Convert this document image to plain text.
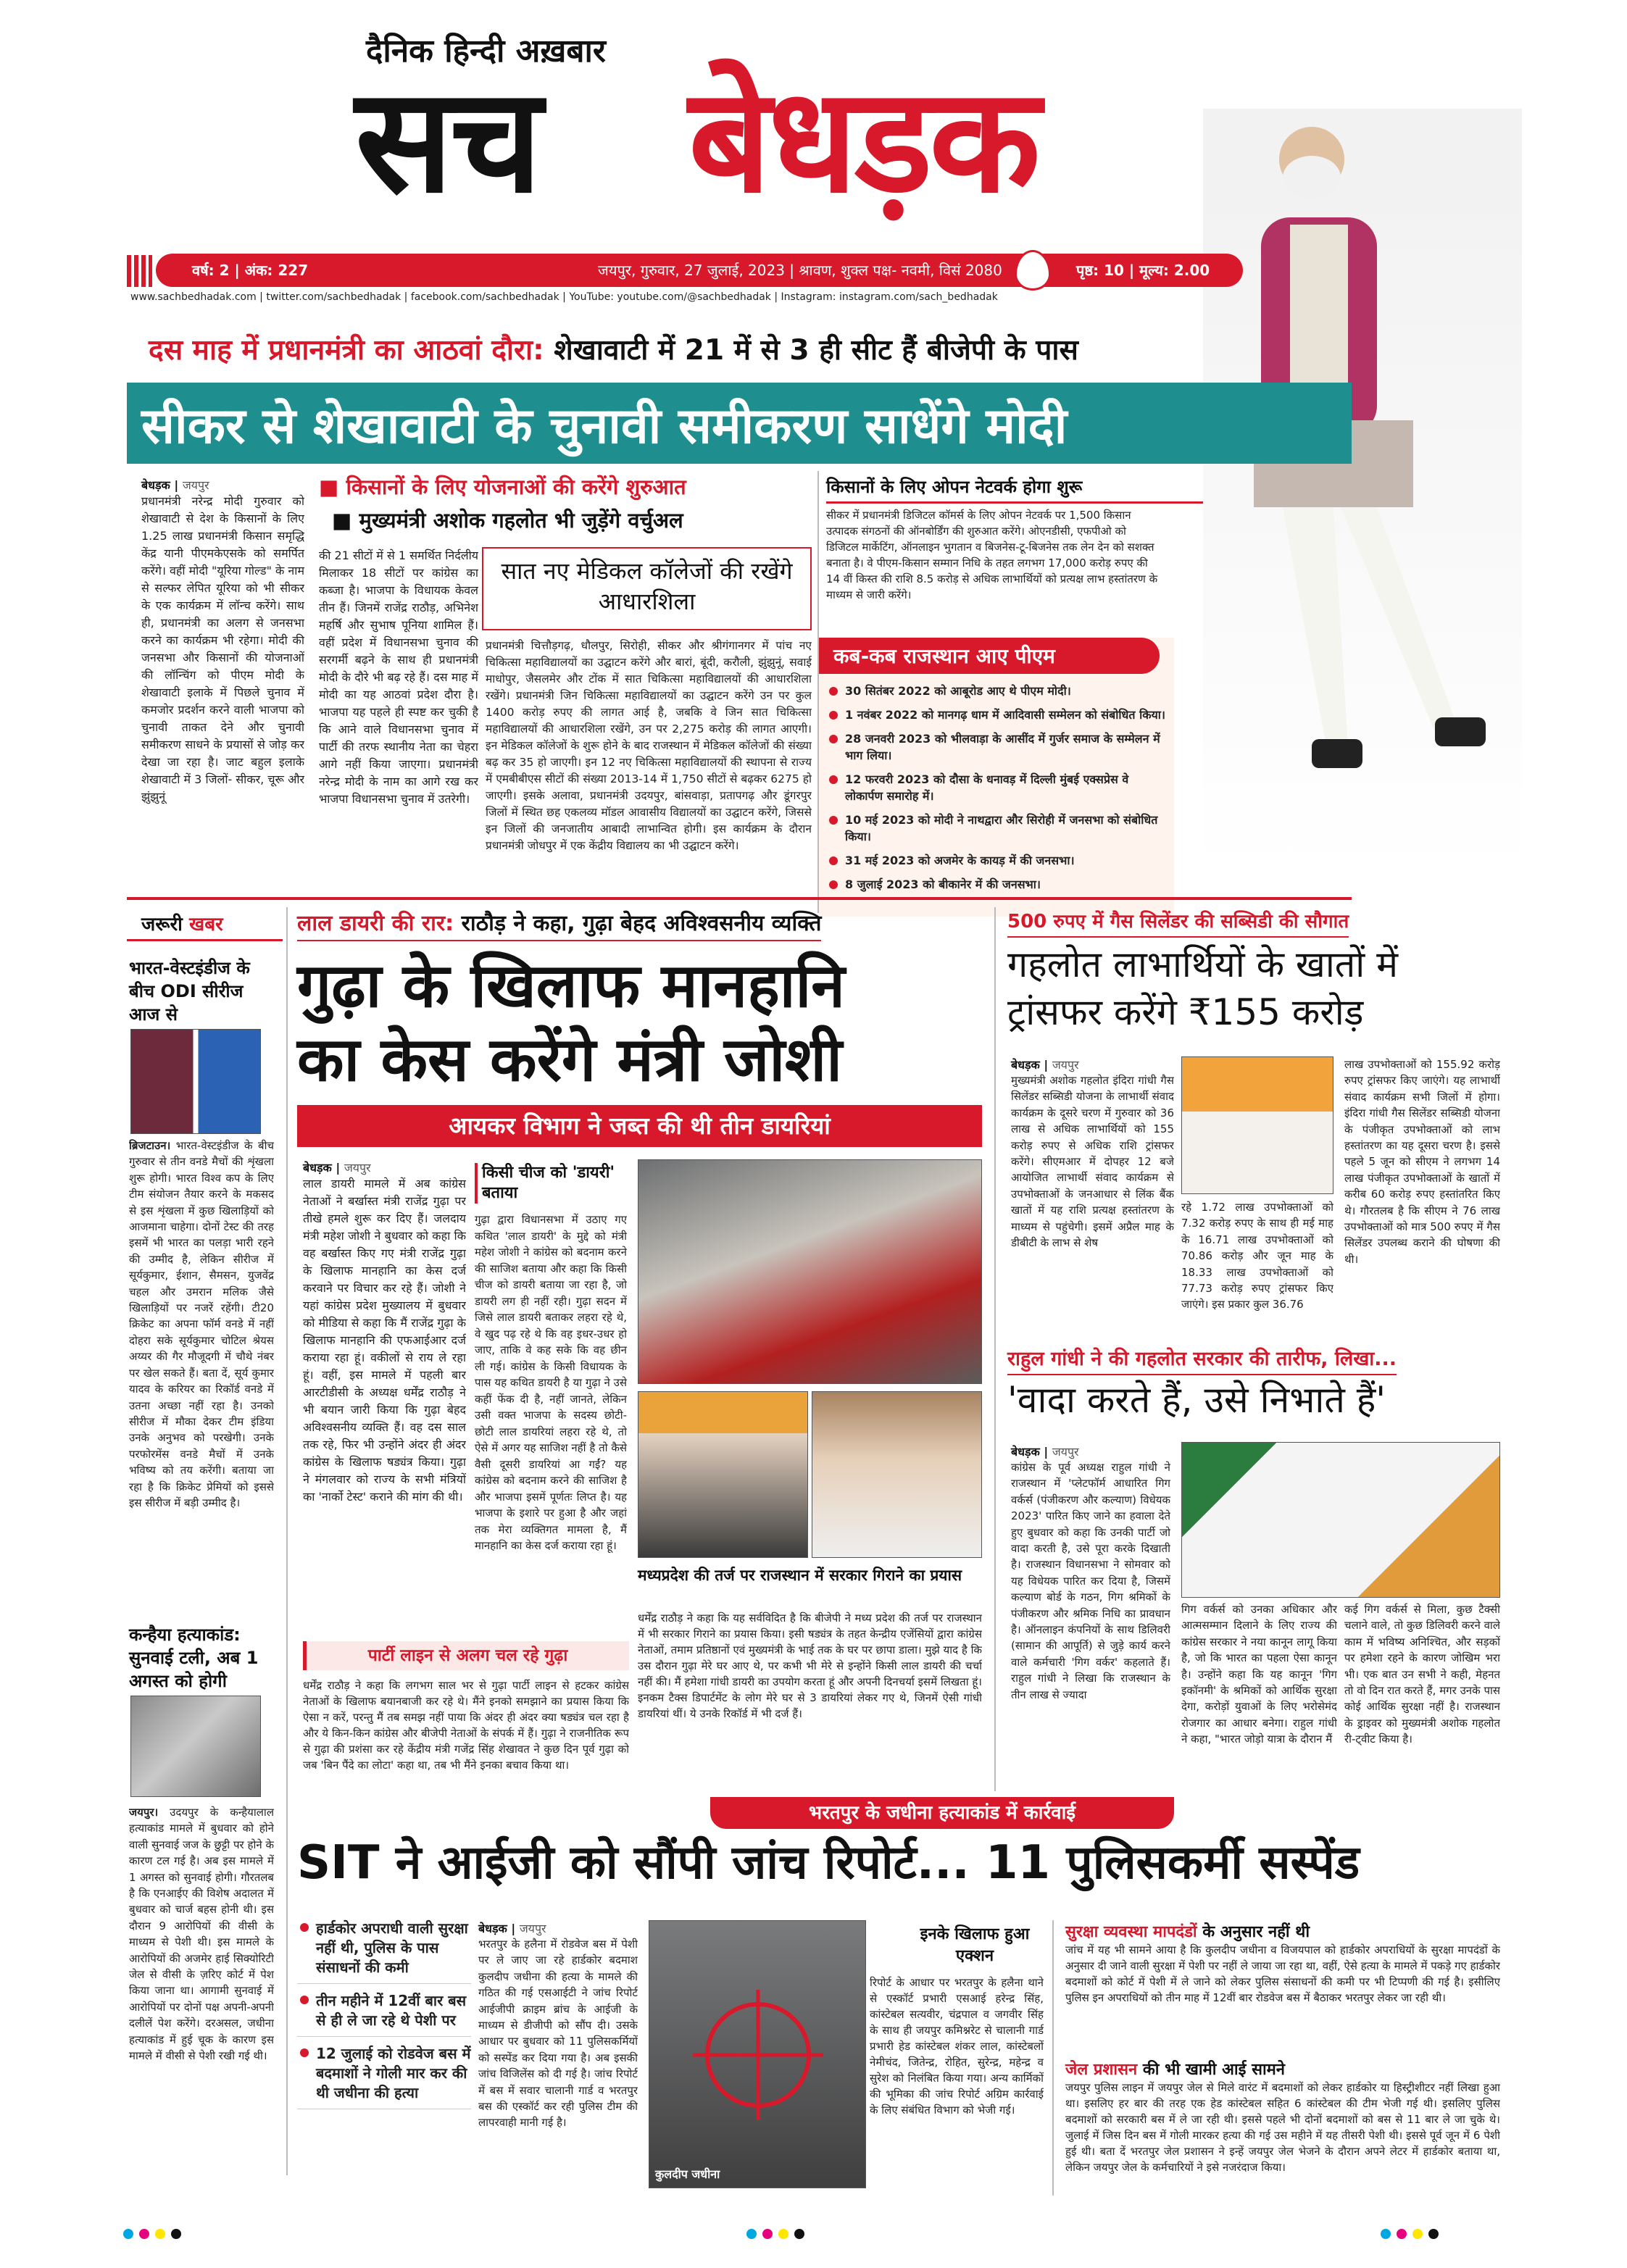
दैनिक हिन्दी अख़बार
सच बेधड़क
वर्ष: 2 | अंक: 227	जयपुर, गुरुवार, 27 जुलाई, 2023 | श्रावण, शुक्ल पक्ष- नवमी, विसं 2080	पृष्ठ: 10 | मूल्य: 2.00
www.sachbedhadak.com | twitter.com/sachbedhadak | facebook.com/sachbedhadak | YouTube: youtube.com/@sachbedhadak | Instagram: instagram.com/sach_bedhadak
दस माह में प्रधानमंत्री का आठवां दौरा: शेखावाटी में 21 में से 3 ही सीट हैं बीजेपी के पास
सीकर से शेखावाटी के चुनावी समीकरण साधेंगे मोदी
बेधड़क | जयपुर
प्रधानमंत्री नरेन्द्र मोदी गुरुवार को शेखावाटी से देश के किसानों के लिए 1.25 लाख प्रधानमंत्री किसान समृद्धि केंद्र यानी पीएमकेएसके को समर्पित करेंगे। वहीं मोदी "यूरिया गोल्ड" के नाम से सल्फर लेपित यूरिया को भी सीकर के एक कार्यक्रम में लॉन्च करेंगे। साथ ही, प्रधानमंत्री का अलग से जनसभा करने का कार्यक्रम भी रहेगा। मोदी की जनसभा और किसानों की योजनाओं की लॉन्चिंग को पीएम मोदी के शेखावाटी इलाके में पिछले चुनाव में कमजोर प्रदर्शन करने वाली भाजपा को चुनावी ताकत देने और चुनावी समीकरण साधने के प्रयासों से जोड़ कर देखा जा रहा है। जाट बहुल इलाके शेखावाटी में 3 जिलों- सीकर, चूरू और झुंझुनूं
■ किसानों के लिए योजनाओं की करेंगे शुरुआत
■ मुख्यमंत्री अशोक गहलोत भी जुड़ेंगे वर्चुअल
की 21 सीटों में से 1 समर्थित निर्दलीय मिलाकर 18 सीटों पर कांग्रेस का कब्जा है। भाजपा के विधायक केवल तीन हैं। जिनमें राजेंद्र राठौड़, अभिनेश महर्षि और सुभाष पूनिया शामिल हैं। वहीं प्रदेश में विधानसभा चुनाव की सरगर्मी बढ़ने के साथ ही प्रधानमंत्री मोदी के दौरे भी बढ़ रहे हैं। दस माह में मोदी का यह आठवां प्रदेश दौरा है। भाजपा यह पहले ही स्पष्ट कर चुकी है कि आने वाले विधानसभा चुनाव में पार्टी की तरफ स्थानीय नेता का चेहरा आगे नहीं किया जाएगा। प्रधानमंत्री नरेन्द्र मोदी के नाम का आगे रख कर भाजपा विधानसभा चुनाव में उतरेगी।
सात नए मेडिकल कॉलेजों की रखेंगे आधारशिला
प्रधानमंत्री चित्तौड़गढ़, धौलपुर, सिरोही, सीकर और श्रीगंगानगर में पांच नए चिकित्सा महाविद्यालयों का उद्घाटन करेंगे और बारां, बूंदी, करौली, झुंझुनूं, सवाई माधोपुर, जैसलमेर और टोंक में सात चिकित्सा महाविद्यालयों की आधारशिला रखेंगे। प्रधानमंत्री जिन चिकित्सा महाविद्यालयों का उद्घाटन करेंगे उन पर कुल 1400 करोड़ रुपए की लागत आई है, जबकि वे जिन सात चिकित्सा महाविद्यालयों की आधारशिला रखेंगे, उन पर 2,275 करोड़ की लागत आएगी। इन मेडिकल कॉलेजों के शुरू होने के बाद राजस्थान में मेडिकल कॉलेजों की संख्या बढ़ कर 35 हो जाएगी। इन 12 नए चिकित्सा महाविद्यालयों की स्थापना से राज्य में एमबीबीएस सीटों की संख्या 2013-14 में 1,750 सीटों से बढ़कर 6275 हो जाएगी। इसके अलावा, प्रधानमंत्री उदयपुर, बांसवाड़ा, प्रतापगढ़ और डूंगरपुर जिलों में स्थित छह एकलव्य मॉडल आवासीय विद्यालयों का उद्घाटन करेंगे, जिससे इन जिलों की जनजातीय आबादी लाभान्वित होगी। इस कार्यक्रम के दौरान प्रधानमंत्री जोधपुर में एक केंद्रीय विद्यालय का भी उद्घाटन करेंगे।
किसानों के लिए ओपन नेटवर्क होगा शुरू
सीकर में प्रधानमंत्री डिजिटल कॉमर्स के लिए ओपन नेटवर्क पर 1,500 किसान उत्पादक संगठनों की ऑनबोर्डिंग की शुरुआत करेंगे। ओएनडीसी, एफपीओ को डिजिटल मार्केटिंग, ऑनलाइन भुगतान व बिजनेस-टू-बिजनेस तक लेन देन को सशक्त बनाता है। वे पीएम-किसान सम्मान निधि के तहत लगभग 17,000 करोड़ रुपए की 14 वीं किस्त की राशि 8.5 करोड़ से अधिक लाभार्थियों को प्रत्यक्ष लाभ हस्तांतरण के माध्यम से जारी करेंगे।
कब-कब राजस्थान आए पीएम
30 सितंबर 2022 को आबूरोड आए थे पीएम मोदी।
1 नवंबर 2022 को मानगढ़ धाम में आदिवासी सम्मेलन को संबोधित किया।
28 जनवरी 2023 को भीलवाड़ा के आसींद में गुर्जर समाज के सम्मेलन में भाग लिया।
12 फरवरी 2023 को दौसा के धनावड़ में दिल्ली मुंबई एक्सप्रेस वे लोकार्पण समारोह में।
10 मई 2023 को मोदी ने नाथद्वारा और सिरोही में जनसभा को संबोधित किया।
31 मई 2023 को अजमेर के कायड़ में की जनसभा।
8 जुलाई 2023 को बीकानेर में की जनसभा।
जरूरी खबर
भारत-वेस्टइंडीज के बीच ODI सीरीज आज से
ब्रिजटाउन। भारत-वेस्टइंडीज के बीच गुरुवार से तीन वनडे मैचों की शृंखला शुरू होगी। भारत विश्व कप के लिए टीम संयोजन तैयार करने के मकसद से इस शृंखला में कुछ खिलाड़ियों को आजमाना चाहेगा। दोनों टेस्ट की तरह इसमें भी भारत का पलड़ा भारी रहने की उम्मीद है, लेकिन सीरीज में सूर्यकुमार, ईशान, सैमसन, युजवेंद्र चहल और उमरान मलिक जैसे खिलाड़ियों पर नजरें रहेंगी। टी20 क्रिकेट का अपना फॉर्म वनडे में नहीं दोहरा सके सूर्यकुमार चोटिल श्रेयस अय्यर की गैर मौजूदगी में चौथे नंबर पर खेल सकते हैं। बता दें, सूर्य कुमार यादव के करियर का रिकॉर्ड वनडे में उतना अच्छा नहीं रहा है। उनको सीरीज में मौका देकर टीम इंडिया उनके अनुभव को परखेगी। उनके परफोरमेंस वनडे मैचों में उनके भविष्य को तय करेंगी। बताया जा रहा है कि क्रिकेट प्रेमियों को इससे इस सीरीज में बड़ी उम्मीद है।
कन्हैया हत्याकांड: सुनवाई टली, अब 1 अगस्त को होगी
जयपुर। उदयपुर के कन्हैयालाल हत्याकांड मामले में बुधवार को होने वाली सुनवाई जज के छुट्टी पर होने के कारण टल गई है। अब इस मामले में 1 अगस्त को सुनवाई होगी। गौरतलब है कि एनआईए की विशेष अदालत में बुधवार को चार्ज बहस होनी थी। इस दौरान 9 आरोपियों की वीसी के माध्यम से पेशी थी। इस मामले के आरोपियों की अजमेर हाई सिक्योरिटी जेल से वीसी के ज़रिए कोर्ट में पेश किया जाना था। आगामी सुनवाई में आरोपियों पर दोनों पक्ष अपनी-अपनी दलीलें पेश करेंगे। दरअसल, जधीना हत्याकांड में हुई चूक के कारण इस मामले में वीसी से पेशी रखी गई थी।
लाल डायरी की रार: राठौड़ ने कहा, गुढ़ा बेहद अविश्वसनीय व्यक्ति
गुढ़ा के खिलाफ मानहानि
का केस करेंगे मंत्री जोशी
आयकर विभाग ने जब्त की थी तीन डायरियां
बेधड़क | जयपुर
लाल डायरी मामले में अब कांग्रेस नेताओं ने बर्खास्त मंत्री राजेंद्र गुढ़ा पर तीखे हमले शुरू कर दिए हैं। जलदाय मंत्री महेश जोशी ने बुधवार को कहा कि वह बर्खास्त किए गए मंत्री राजेंद्र गुढ़ा के खिलाफ मानहानि का केस दर्ज करवाने पर विचार कर रहे हैं। जोशी ने यहां कांग्रेस प्रदेश मुख्यालय में बुधवार को मीडिया से कहा कि मैं राजेंद्र गुढ़ा के खिलाफ मानहानि की एफआईआर दर्ज कराया रहा हूं। वकीलों से राय ले रहा हूं। वहीं, इस मामले में पहली बार आरटीडीसी के अध्यक्ष धर्मेंद्र राठौड़ ने भी बयान जारी किया कि गुढ़ा बेहद अविश्वसनीय व्यक्ति हैं। वह दस साल तक रहे, फिर भी उन्होंने अंदर ही अंदर कांग्रेस के खिलाफ षड्यंत्र किया। गुढ़ा ने मंगलवार को राज्य के सभी मंत्रियों का 'नार्को टेस्ट' कराने की मांग की थी।
किसी चीज को 'डायरी' बताया
गुढ़ा द्वारा विधानसभा में उठाए गए कथित 'लाल डायरी' के मुद्दे को मंत्री महेश जोशी ने कांग्रेस को बदनाम करने की साजिश बताया और कहा कि किसी चीज को डायरी बताया जा रहा है, जो डायरी लग ही नहीं रही। गुढ़ा सदन में जिसे लाल डायरी बताकर लहरा रहे थे, वे खुद पढ़ रहे थे कि वह इधर-उधर हो जाए, ताकि वे कह सके कि वह छीन ली गई। कांग्रेस के किसी विधायक के पास यह कथित डायरी है या गुढ़ा ने उसे कहीं फेंक दी है, नहीं जानते, लेकिन उसी वक्त भाजपा के सदस्य छोटी-छोटी लाल डायरियां लहरा रहे थे, तो ऐसे में अगर यह साजिश नहीं है तो कैसे वैसी दूसरी डायरियां आ गईं? यह कांग्रेस को बदनाम करने की साजिश है और भाजपा इसमें पूर्णतः लिप्त है। यह भाजपा के इशारे पर हुआ है और जहां तक मेरा व्यक्तिगत मामला है, मैं मानहानि का केस दर्ज कराया रहा हूं।
मध्यप्रदेश की तर्ज पर राजस्थान में सरकार गिराने का प्रयास
धर्मेंद्र राठौड़ ने कहा कि यह सर्वविदित है कि बीजेपी ने मध्य प्रदेश की तर्ज पर राजस्थान में भी सरकार गिराने का प्रयास किया। इसी षड्यंत्र के तहत केन्द्रीय एजेंसियों द्वारा कांग्रेस नेताओं, तमाम प्रतिष्ठानों एवं मुख्यमंत्री के भाई तक के घर पर छापा डाला। मुझे याद है कि उस दौरान गुढ़ा मेरे घर आए थे, पर कभी भी मेरे से इन्होंने किसी लाल डायरी की चर्चा नहीं की। मैं हमेशा गांधी डायरी का उपयोग करता हूं और अपनी दिनचर्या इसमें लिखता हूं। इनकम टैक्स डिपार्टमेंट के लोग मेरे घर से 3 डायरियां लेकर गए थे, जिनमें ऐसी गांधी डायरियां थीं। ये उनके रिकॉर्ड में भी दर्ज हैं।
पार्टी लाइन से अलग चल रहे गुढ़ा
धर्मेंद्र राठौड़ ने कहा कि लगभग साल भर से गुढ़ा पार्टी लाइन से हटकर कांग्रेस नेताओं के खिलाफ बयानबाजी कर रहे थे। मैंने इनको समझाने का प्रयास किया कि ऐसा न करें, परन्तु मैं तब समझ नहीं पाया कि अंदर ही अंदर क्या षड्यंत्र चल रहा है और ये किन-किन कांग्रेस और बीजेपी नेताओं के संपर्क में हैं। गुढ़ा ने राजनीतिक रूप से गुढ़ा की प्रशंसा कर रहे केंद्रीय मंत्री गजेंद्र सिंह शेखावत ने कुछ दिन पूर्व गुढ़ा को जब 'बिन पैंदे का लोटा' कहा था, तब भी मैंने इनका बचाव किया था।
500 रुपए में गैस सिलेंडर की सब्सिडी की सौगात
गहलोत लाभार्थियों के खातों में
ट्रांसफर करेंगे ₹155 करोड़
बेधड़क | जयपुर
मुख्यमंत्री अशोक गहलोत इंदिरा गांधी गैस सिलेंडर सब्सिडी योजना के लाभार्थी संवाद कार्यक्रम के दूसरे चरण में गुरुवार को 36 लाख से अधिक लाभार्थियों को 155 करोड़ रुपए से अधिक राशि ट्रांसफर करेंगे। सीएमआर में दोपहर 12 बजे आयोजित लाभार्थी संवाद कार्यक्रम से उपभोक्ताओं के जनआधार से लिंक बैंक खातों में यह राशि प्रत्यक्ष हस्तांतरण के माध्यम से पहुंचेगी। इसमें अप्रैल माह के डीबीटी के लाभ से शेष
रहे 1.72 लाख उपभोक्ताओं को 7.32 करोड़ रुपए के साथ ही मई माह के 16.71 लाख उपभोक्ताओं को 70.86 करोड़ और जून माह के 18.33 लाख उपभोक्ताओं को 77.73 करोड़ रुपए ट्रांसफर किए जाएंगे। इस प्रकार कुल 36.76
लाख उपभोक्ताओं को 155.92 करोड़ रुपए ट्रांसफर किए जाएंगे। यह लाभार्थी संवाद कार्यक्रम सभी जिलों में होगा। इंदिरा गांधी गैस सिलेंडर सब्सिडी योजना के पंजीकृत उपभोक्ताओं को लाभ हस्तांतरण का यह दूसरा चरण है। इससे पहले 5 जून को सीएम ने लगभग 14 लाख पंजीकृत उपभोक्ताओं के खातों में करीब 60 करोड़ रुपए हस्तांतरित किए थे। गौरतलब है कि सीएम ने 76 लाख उपभोक्ताओं को मात्र 500 रुपए में गैस सिलेंडर उपलब्ध कराने की घोषणा की थी।
राहुल गांधी ने की गहलोत सरकार की तारीफ, लिखा...
'वादा करते हैं, उसे निभाते हैं'
बेधड़क | जयपुर
कांग्रेस के पूर्व अध्यक्ष राहुल गांधी ने राजस्थान में 'प्लेटफॉर्म आधारित गिग वर्कर्स (पंजीकरण और कल्याण) विधेयक 2023' पारित किए जाने का हवाला देते हुए बुधवार को कहा कि उनकी पार्टी जो वादा करती है, उसे पूरा करके दिखाती है। राजस्थान विधानसभा ने सोमवार को यह विधेयक पारित कर दिया है, जिसमें कल्याण बोर्ड के गठन, गिग श्रमिकों के पंजीकरण और श्रमिक निधि का प्रावधान है। ऑनलाइन कंपनियों के साथ डिलिवरी (सामान की आपूर्ति) से जुड़े कार्य करने वाले कर्मचारी 'गिग वर्कर' कहलाते हैं। राहुल गांधी ने लिखा कि राजस्थान के तीन लाख से ज्यादा
गिग वर्कर्स को उनका अधिकार और आत्मसम्मान दिलाने के लिए राज्य की कांग्रेस सरकार ने नया कानून लागू किया है, जो कि भारत का पहला ऐसा कानून है। उन्होंने कहा कि यह कानून 'गिग इकॉनमी' के श्रमिकों को आर्थिक सुरक्षा देगा, करोड़ों युवाओं के लिए भरोसेमंद रोजगार का आधार बनेगा। राहुल गांधी ने कहा, "भारत जोड़ो यात्रा के दौरान मैं
कई गिग वर्कर्स से मिला, कुछ टैक्सी चलाने वाले, तो कुछ डिलिवरी करने वाले काम में भविष्य अनिश्चित, और सड़कों पर हमेशा रहने के कारण जोखिम भरा भी। एक बात उन सभी ने कही, मेहनत तो वो दिन रात करते हैं, मगर उनके पास कोई आर्थिक सुरक्षा नहीं है। राजस्थान के ड्राइवर को मुख्यमंत्री अशोक गहलोत री-ट्वीट किया है।
भरतपुर के जधीना हत्याकांड में कार्रवाई
SIT ने आईजी को सौंपी जांच रिपोर्ट... 11 पुलिसकर्मी सस्पेंड
हार्डकोर अपराधी वाली सुरक्षा नहीं थी, पुलिस के पास संसाधनों की कमी
तीन महीने में 12वीं बार बस से ही ले जा रहे थे पेशी पर
12 जुलाई को रोडवेज बस में बदमाशों ने गोली मार कर की थी जधीना की हत्या
बेधड़क | जयपुर
भरतपुर के हलैना में रोडवेज बस में पेशी पर ले जाए जा रहे हार्डकोर बदमाश कुलदीप जधीना की हत्या के मामले की गठित की गई एसआईटी ने जांच रिपोर्ट आईजीपी क्राइम ब्रांच के आईजी के माध्यम से डीजीपी को सौंप दी। उसके आधार पर बुधवार को 11 पुलिसकर्मियों को सस्पेंड कर दिया गया है। अब इसकी जांच विजिलेंस को दी गई है। जांच रिपोर्ट में बस में सवार चालानी गार्ड व भरतपुर बस की एस्कॉर्ट कर रही पुलिस टीम की लापरवाही मानी गई है।
कुलदीप जधीना
इनके खिलाफ हुआ एक्शन
रिपोर्ट के आधार पर भरतपुर के हलैना थाने से एस्कॉर्ट प्रभारी एसआई हरेन्द्र सिंह, कांस्टेबल सत्यवीर, चंद्रपाल व जगवीर सिंह के साथ ही जयपुर कमिश्नरेट से चालानी गार्ड प्रभारी हेड कांस्टेबल शंकर लाल, कांस्टेबलों नेमीचंद, जितेन्द्र, रोहित, सुरेन्द्र, महेन्द्र व सुरेश को निलंबित किया गया। अन्य कार्मिकों की भूमिका की जांच रिपोर्ट अग्रिम कार्रवाई के लिए संबंधित विभाग को भेजी गई।
सुरक्षा व्यवस्था मापदंडों के अनुसार नहीं थी
जांच में यह भी सामने आया है कि कुलदीप जधीना व विजयपाल को हार्डकोर अपराधियों के सुरक्षा मापदंडों के अनुसार दी जाने वाली सुरक्षा में पेशी पर नहीं ले जाया जा रहा था, वहीं, ऐसे हत्या के मामले में पकड़े गए हार्डकोर बदमाशों को कोर्ट में पेशी में ले जाने को लेकर पुलिस संसाधनों की कमी पर भी टिप्पणी की गई है। इसीलिए पुलिस इन अपराधियों को तीन माह में 12वीं बार रोडवेज बस में बैठाकर भरतपुर लेकर जा रही थी।
जेल प्रशासन की भी खामी आई सामने
जयपुर पुलिस लाइन में जयपुर जेल से मिले वारंट में बदमाशों को लेकर हार्डकोर या हिस्ट्रीशीटर नहीं लिखा हुआ था। इसलिए हर बार की तरह एक हेड कांस्टेबल सहित 6 कांस्टेबल की टीम भेजी गई थी। इसलिए पुलिस बदमाशों को सरकारी बस में ले जा रही थी। इससे पहले भी दोनों बदमाशों को बस से 11 बार ले जा चुके थे। जुलाई में जिस दिन बस में गोली मारकर हत्या की गई उस महीने में यह तीसरी पेशी थी। इससे पूर्व जून में 6 पेशी हुई थी। बता दें भरतपुर जेल प्रशासन ने इन्हें जयपुर जेल भेजने के दौरान अपने लेटर में हार्डकोर बताया था, लेकिन जयपुर जेल के कर्मचारियों ने इसे नजरंदाज किया।
